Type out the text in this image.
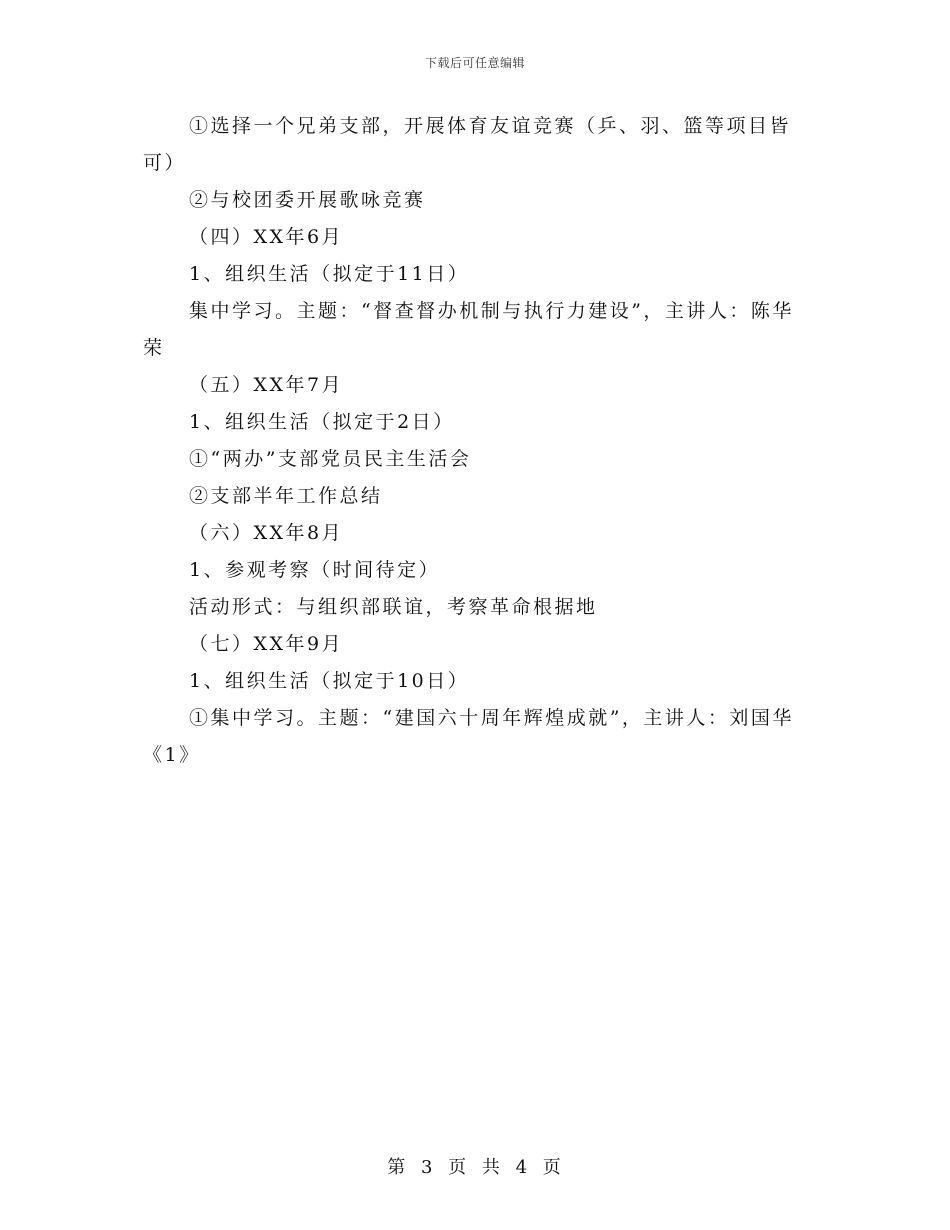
下载后可任意编辑

①选择一个兄弟支部，开展体育友谊竞赛（乒、羽、篮等项目皆可）

②与校团委开展歌咏竞赛

（四）XX年6月

1、组织生活（拟定于11日）

集中学习。主题：“督查督办机制与执行力建设”，主讲人：陈华荣

（五）XX年7月

1、组织生活（拟定于2日）

①“两办”支部党员民主生活会

②支部半年工作总结

（六）XX年8月

1、参观考察（时间待定）

活动形式：与组织部联谊，考察革命根据地

（七）XX年9月

1、组织生活（拟定于10日）

①集中学习。主题：“建国六十周年辉煌成就”，主讲人：刘国华 《1》

第 3 页 共 4 页
